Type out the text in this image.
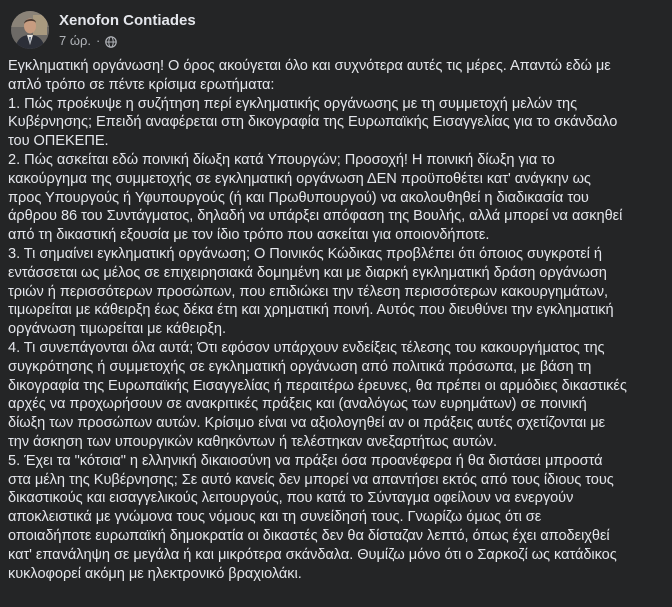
Xenofon Contiades
7 ώρ. ·
Εγκληματική οργάνωση! Ο όρος ακούγεται όλο και συχνότερα αυτές τις μέρες. Απαντώ εδώ με
απλό τρόπο σε πέντε κρίσιμα ερωτήματα:
1. Πώς προέκυψε η συζήτηση περί εγκληματικής οργάνωσης με τη συμμετοχή μελών της
Κυβέρνησης; Επειδή αναφέρεται στη δικογραφία της Ευρωπαϊκής Εισαγγελίας για το σκάνδαλο
του ΟΠΕΚΕΠΕ.
2. Πώς ασκείται εδώ ποινική δίωξη κατά Υπουργών; Προσοχή! Η ποινική δίωξη για το
κακούργημα της συμμετοχής σε εγκληματική οργάνωση ΔΕΝ προϋποθέτει κατ' ανάγκην ως
προς Υπουργούς ή Υφυπουργούς (ή και Πρωθυπουργού) να ακολουθηθεί η διαδικασία του
άρθρου 86 του Συντάγματος, δηλαδή να υπάρξει απόφαση της Βουλής, αλλά μπορεί να ασκηθεί
από τη δικαστική εξουσία με τον ίδιο τρόπο που ασκείται για οποιονδήποτε.
3. Τι σημαίνει εγκληματική οργάνωση; Ο Ποινικός Κώδικας προβλέπει ότι όποιος συγκροτεί ή
εντάσσεται ως μέλος σε επιχειρησιακά δομημένη και με διαρκή εγκληματική δράση οργάνωση
τριών ή περισσότερων προσώπων, που επιδιώκει την τέλεση περισσότερων κακουργημάτων,
τιμωρείται με κάθειρξη έως δέκα έτη και χρηματική ποινή. Αυτός που διευθύνει την εγκληματική
οργάνωση τιμωρείται με κάθειρξη.
4. Τι συνεπάγονται όλα αυτά; Ότι εφόσον υπάρχουν ενδείξεις τέλεσης του κακουργήματος της
συγκρότησης ή συμμετοχής σε εγκληματική οργάνωση από πολιτικά πρόσωπα, με βάση τη
δικογραφία της Ευρωπαϊκής Εισαγγελίας ή περαιτέρω έρευνες, θα πρέπει οι αρμόδιες δικαστικές
αρχές να προχωρήσουν σε ανακριτικές πράξεις και (αναλόγως των ευρημάτων) σε ποινική
δίωξη των προσώπων αυτών. Κρίσιμο είναι να αξιολογηθεί αν οι πράξεις αυτές σχετίζονται με
την άσκηση των υπουργικών καθηκόντων ή τελέστηκαν ανεξαρτήτως αυτών.
5. Έχει τα "κότσια" η ελληνική δικαιοσύνη να πράξει όσα προανέφερα ή θα διστάσει μπροστά
στα μέλη της Κυβέρνησης; Σε αυτό κανείς δεν μπορεί να απαντήσει εκτός από τους ίδιους τους
δικαστικούς και εισαγγελικούς λειτουργούς, που κατά το Σύνταγμα οφείλουν να ενεργούν
αποκλειστικά με γνώμονα τους νόμους και τη συνείδησή τους. Γνωρίζω όμως ότι σε
οποιαδήποτε ευρωπαϊκή δημοκρατία οι δικαστές δεν θα δίσταζαν λεπτό, όπως έχει αποδειχθεί
κατ' επανάληψη σε μεγάλα ή και μικρότερα σκάνδαλα. Θυμίζω μόνο ότι ο Σαρκοζί ως κατάδικος
κυκλοφορεί ακόμη με ηλεκτρονικό βραχιολάκι.
